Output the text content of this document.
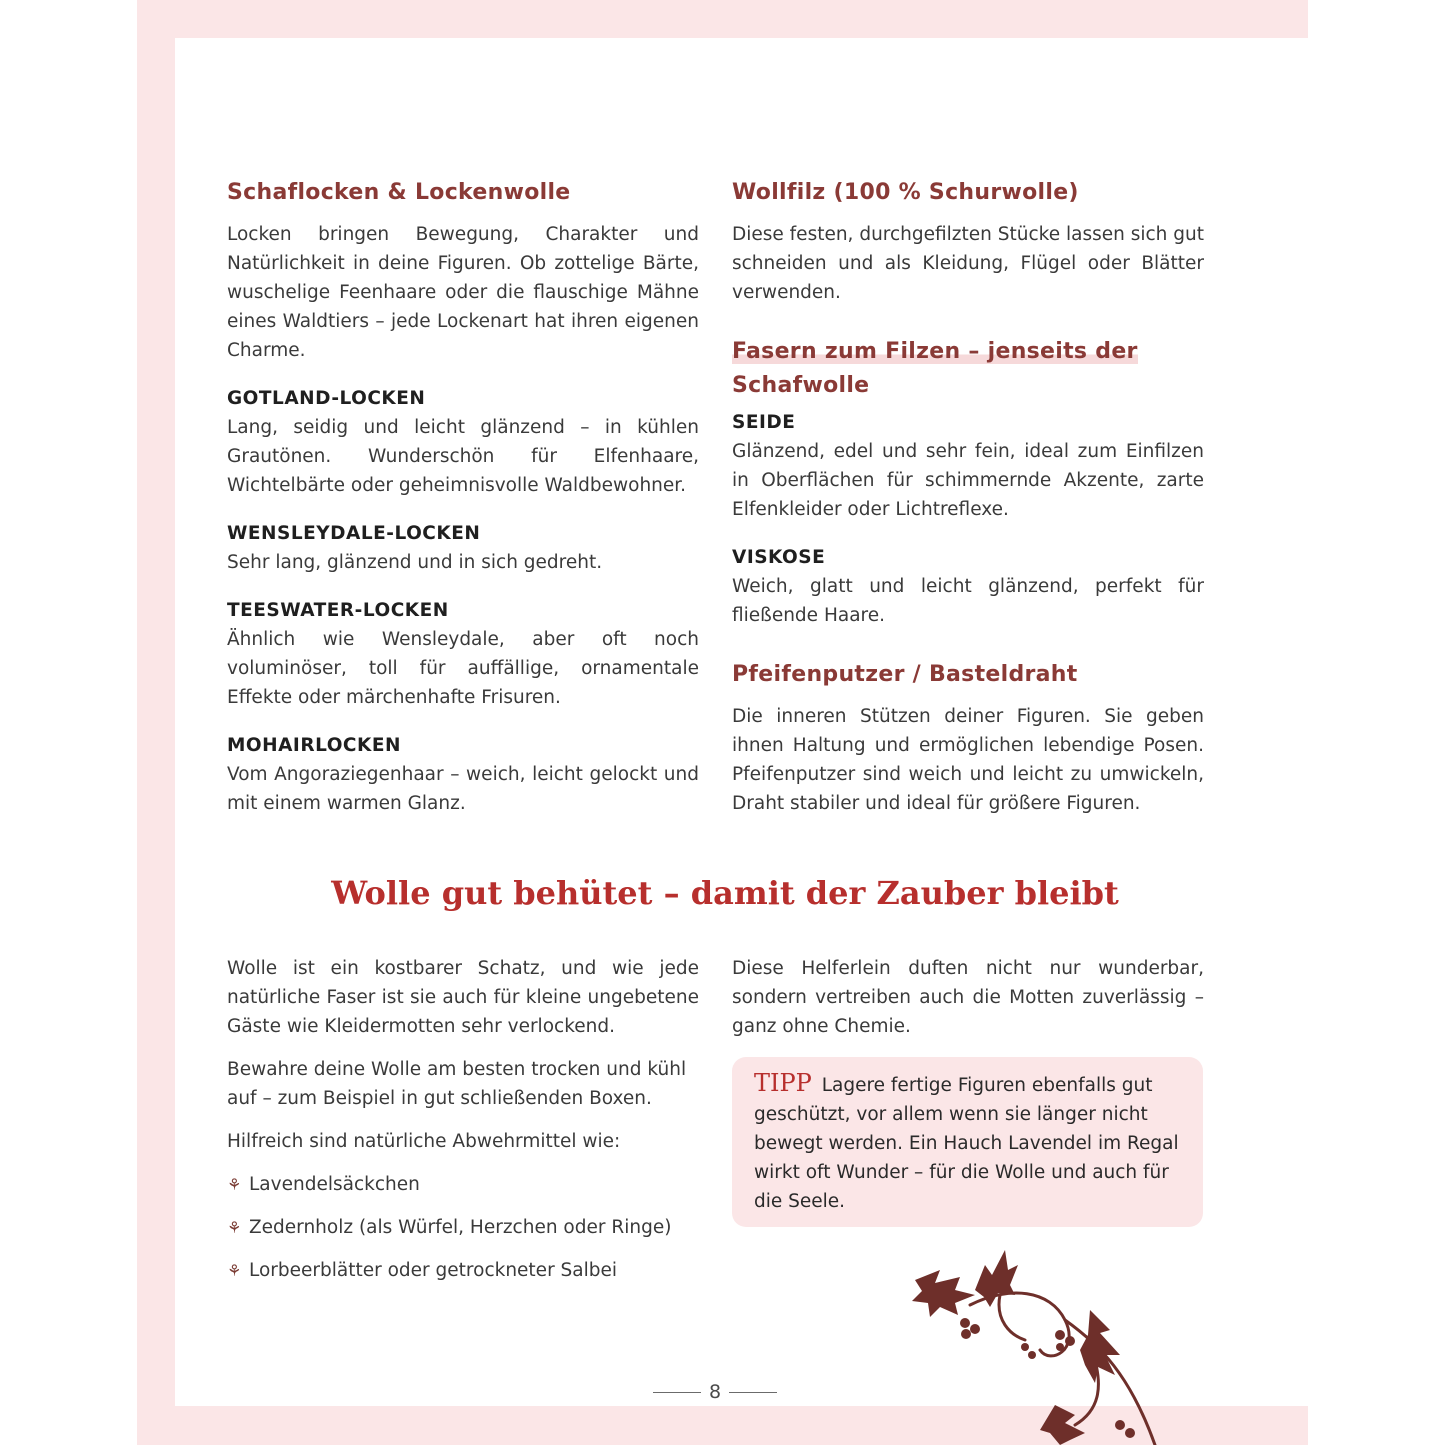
Schaflocken & Lockenwolle

Locken bringen Bewegung, Charakter und Natürlichkeit in deine Figuren. Ob zottelige Bärte, wuschelige Feenhaare oder die flauschige Mähne eines Waldtiers – jede Lockenart hat ihren eigenen Charme.

GOTLAND-LOCKEN

Lang, seidig und leicht glänzend – in kühlen Grautönen. Wunderschön für Elfenhaare, Wichtelbärte oder geheimnisvolle Waldbewohner.

WENSLEYDALE-LOCKEN

Sehr lang, glänzend und in sich gedreht.

TEESWATER-LOCKEN

Ähnlich wie Wensleydale, aber oft noch voluminöser, toll für auffällige, ornamentale Effekte oder märchenhafte Frisuren.

MOHAIRLOCKEN

Vom Angoraziegenhaar – weich, leicht gelockt und mit einem warmen Glanz.

Wollfilz (100 % Schurwolle)

Diese festen, durchgefilzten Stücke lassen sich gut schneiden und als Kleidung, Flügel oder Blätter verwenden.

Fasern zum Filzen – jenseits der
Schafwolle

SEIDE

Glänzend, edel und sehr fein, ideal zum Einfilzen in Oberflächen für schimmernde Akzente, zarte Elfenkleider oder Lichtreflexe.

VISKOSE

Weich, glatt und leicht glänzend, perfekt für fließende Haare.

Pfeifenputzer / Basteldraht

Die inneren Stützen deiner Figuren. Sie geben ihnen Haltung und ermöglichen lebendige Posen. Pfeifenputzer sind weich und leicht zu umwickeln, Draht stabiler und ideal für größere Figuren.

Wolle gut behütet – damit der Zauber bleibt

Wolle ist ein kostbarer Schatz, und wie jede natürliche Faser ist sie auch für kleine ungebetene Gäste wie Kleidermotten sehr verlockend.

Bewahre deine Wolle am besten trocken und kühl auf – zum Beispiel in gut schließenden Boxen.

Hilfreich sind natürliche Abwehrmittel wie:

⚘ Lavendelsäckchen

⚘ Zedernholz (als Würfel, Herzchen oder Ringe)

⚘ Lorbeerblätter oder getrockneter Salbei

Diese Helferlein duften nicht nur wunderbar, sondern vertreiben auch die Motten zuverlässig – ganz ohne Chemie.

TIPP Lagere fertige Figuren ebenfalls gut geschützt, vor allem wenn sie länger nicht bewegt werden. Ein Hauch Lavendel im Regal wirkt oft Wunder – für die Wolle und auch für die Seele.

8
